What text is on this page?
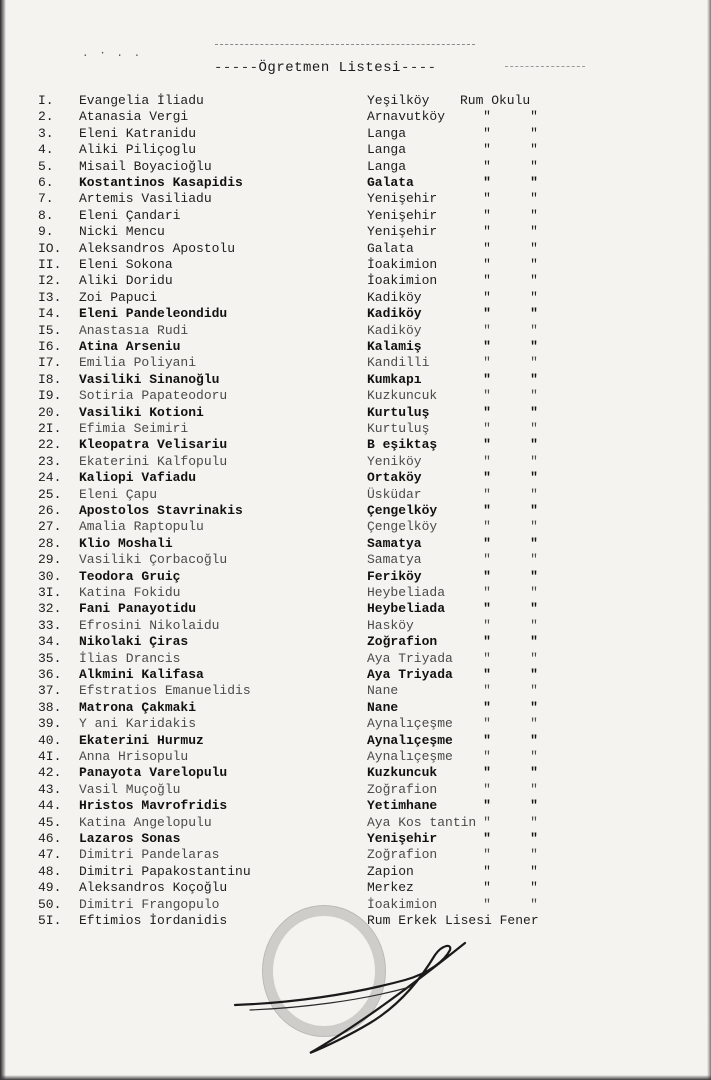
. · . .
-----Ögretmen Listesi----
I.	Evangelia İliadu	Yeşilköy Rum Okulu
2.	Atanasia Vergi	Arnavutköy	"	"
3.	Eleni Katranidu	Langa	"	"
4.	Aliki Piliçoglu	Langa	"	"
5.	Misail Boyacioğlu	Langa	"	"
6.	Kostantinos Kasapidis	Galata	"	"
7.	Artemis Vasiliadu	Yenişehir	"	"
8.	Eleni Çandari	Yenişehir	"	"
9.	Nicki Mencu	Yenişehir	"	"
IO.	Aleksandros Apostolu	Galata	"	"
II.	Eleni Sokona	İoakimion	"	"
I2.	Aliki Doridu	İoakimion	"	"
I3.	Zoi Papuci	Kadiköy	"	"
I4.	Eleni Pandeleondidu	Kadiköy	"	"
I5.	Anastasıa Rudi	Kadiköy	"	"
I6.	Atina Arseniu	Kalamiş	"	"
I7.	Emilia Poliyani	Kandilli	"	"
I8.	Vasiliki Sinanoğlu	Kumkapı	"	"
I9.	Sotiria Papateodoru	Kuzkuncuk	"	"
20.	Vasiliki Kotioni	Kurtuluş	"	"
2I.	Efimia Seimiri	Kurtuluş	"	"
22.	Kleopatra Velisariu	B eşiktaş	"	"
23.	Ekaterini Kalfopulu	Yeniköy	"	"
24.	Kaliopi Vafiadu	Ortaköy	"	"
25.	Eleni Çapu	Üsküdar	"	"
26.	Apostolos Stavrinakis	Çengelköy	"	"
27.	Amalia Raptopulu	Çengelköy	"	"
28.	Klio Moshali	Samatya	"	"
29.	Vasiliki Çorbacoğlu	Samatya	"	"
30.	Teodora Gruiç	Feriköy	"	"
3I.	Katina Fokidu	Heybeliada	"	"
32.	Fani Panayotidu	Heybeliada	"	"
33.	Efrosini Nikolaidu	Hasköy	"	"
34.	Nikolaki Çiras	Zoğrafion	"	"
35.	İlias Drancis	Aya Triyada "	"
36.	Alkmini Kalifasa	Aya Triyada "	"
37.	Efstratios Emanuelidis	Nane	"	"
38.	Matrona Çakmaki	Nane	"	"
39.	Y ani Karidakis	Aynalıçeşme "	"
40.	Ekaterini Hurmuz	Aynalıçeşme "	"
4I.	Anna Hrisopulu	Aynalıçeşme "	"
42.	Panayota Varelopulu	Kuzkuncuk	"	"
43.	Vasil Muçoğlu	Zoğrafion	"	"
44.	Hristos Mavrofridis	Yetimhane	"	"
45.	Katina Angelopulu	Aya Kos tantin "	"
46.	Lazaros Sonas	Yenişehir	"	"
47.	Dimitri Pandelaras	Zoğrafion	"	"
48.	Dimitri Papakostantinu	Zapion	"	"
49.	Aleksandros Koçoğlu	Merkez	"	"
50.	Dimitri Frangopulo	İoakimion	"	"
5I.	Eftimios İordanidis	Rum Erkek Lisesi Fener
